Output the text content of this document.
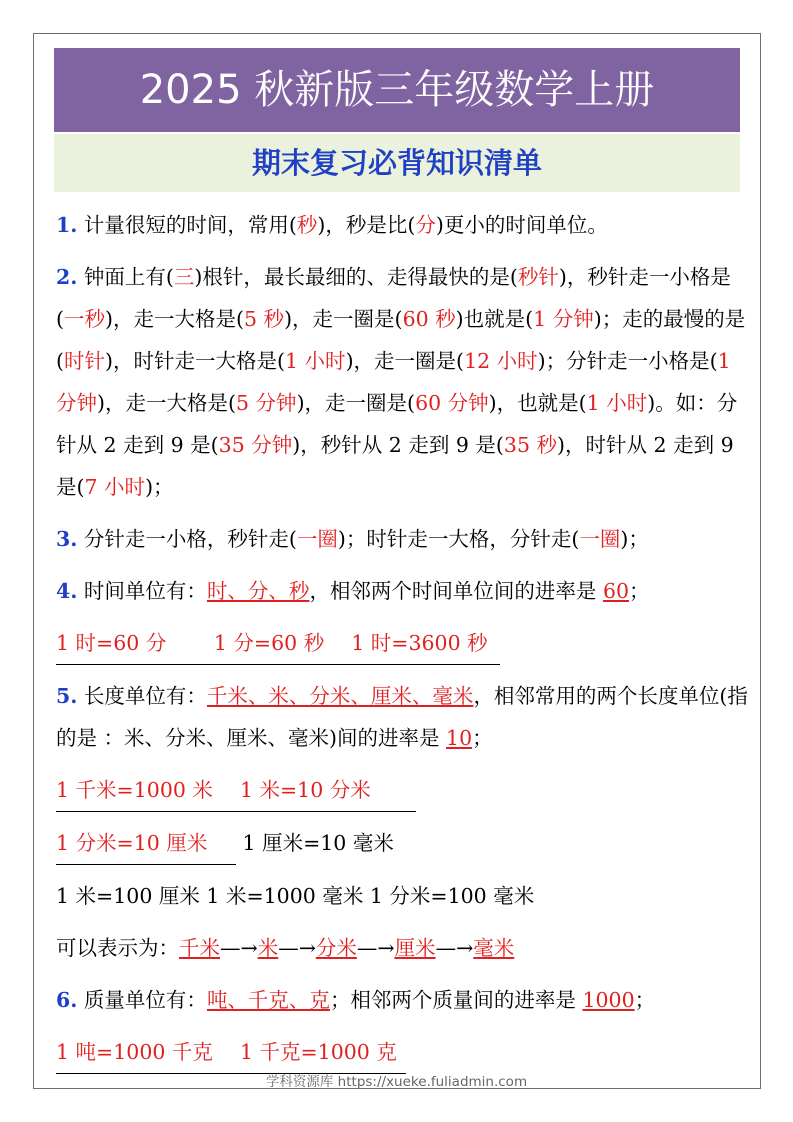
2025 秋新版三年级数学上册
期末复习必背知识清单

1. 计量很短的时间，常用(秒)，秒是比(分)更小的时间单位。

2. 钟面上有(三)根针，最长最细的、走得最快的是(秒针)，秒针走一小格是(一秒)，走一大格是(5 秒)，走一圈是(60 秒)也就是(1 分钟)；走的最慢的是(时针)，时针走一大格是(1 小时)，走一圈是(12 小时)；分针走一小格是(1 分钟)，走一大格是(5 分钟)，走一圈是(60 分钟)，也就是(1 小时)。如：分针从 2 走到 9 是(35 分钟)，秒针从 2 走到 9 是(35 秒)，时针从 2 走到 9 是(7 小时)；

3. 分针走一小格，秒针走(一圈)；时针走一大格，分针走(一圈)；

4. 时间单位有：时、分、秒，相邻两个时间单位间的进率是 60；

1 时=60 分　　 1 分=60 秒 　1 时=3600 秒

5. 长度单位有：千米、米、分米、厘米、毫米，相邻常用的两个长度单位(指的是 ：米、分米、厘米、毫米)间的进率是 10；

1 千米=1000 米 　1 米=10 分米

1 分米=10 厘米 1 厘米=10 毫米

1 米=100 厘米 1 米=1000 毫米 1 分米=100 毫米

可以表示为：千米—→米—→分米—→厘米—→毫米

6. 质量单位有：吨、千克、克；相邻两个质量间的进率是 1000；

1 吨=1000 千克 　1 千克=1000 克

学科资源库 https://xueke.fuliadmin.com
